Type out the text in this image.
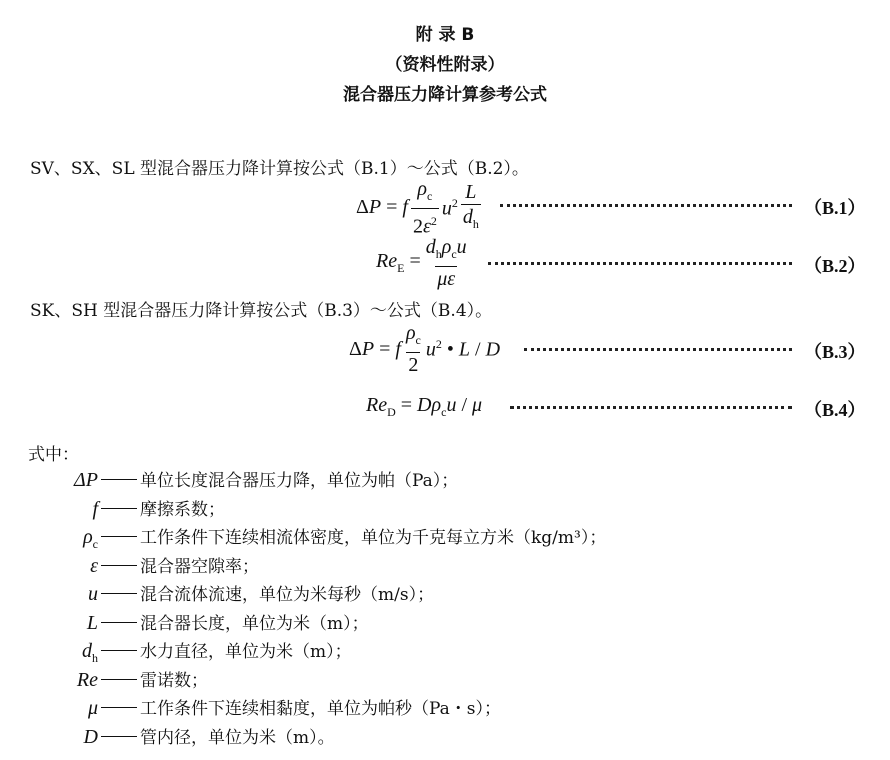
附 录 B
（资料性附录）
混合器压力降计算参考公式
SV、SX、SL 型混合器压力降计算按公式（B.1）～公式（B.2）。
ΔP = f $\frac{\rho_c}{2\varepsilon^2} u^2 \frac{L}{d_h}$	（B.1）
$Re_E = \frac{d_h\rho_cu}{\mu\varepsilon}$	（B.2）
SK、SH 型混合器压力降计算按公式（B.3）～公式（B.4）。
ΔP = f $\frac{\rho_c}{2} u^2$ • L / D	（B.3）
$Re_D = D\rho_cu / \mu$	（B.4）
式中：
ΔP 单位长度混合器压力降，单位为帕（Pa）；
f 摩擦系数；
$\rho_c$ 工作条件下连续相流体密度，单位为千克每立方米（kg/m³）；
ε 混合器空隙率；
u 混合流体流速，单位为米每秒（m/s）；
L 混合器长度，单位为米（m）；
$d_h$ 水力直径，单位为米（m）；
Re 雷诺数；
μ 工作条件下连续相黏度，单位为帕秒（Pa・s）；
D 管内径，单位为米（m）。
